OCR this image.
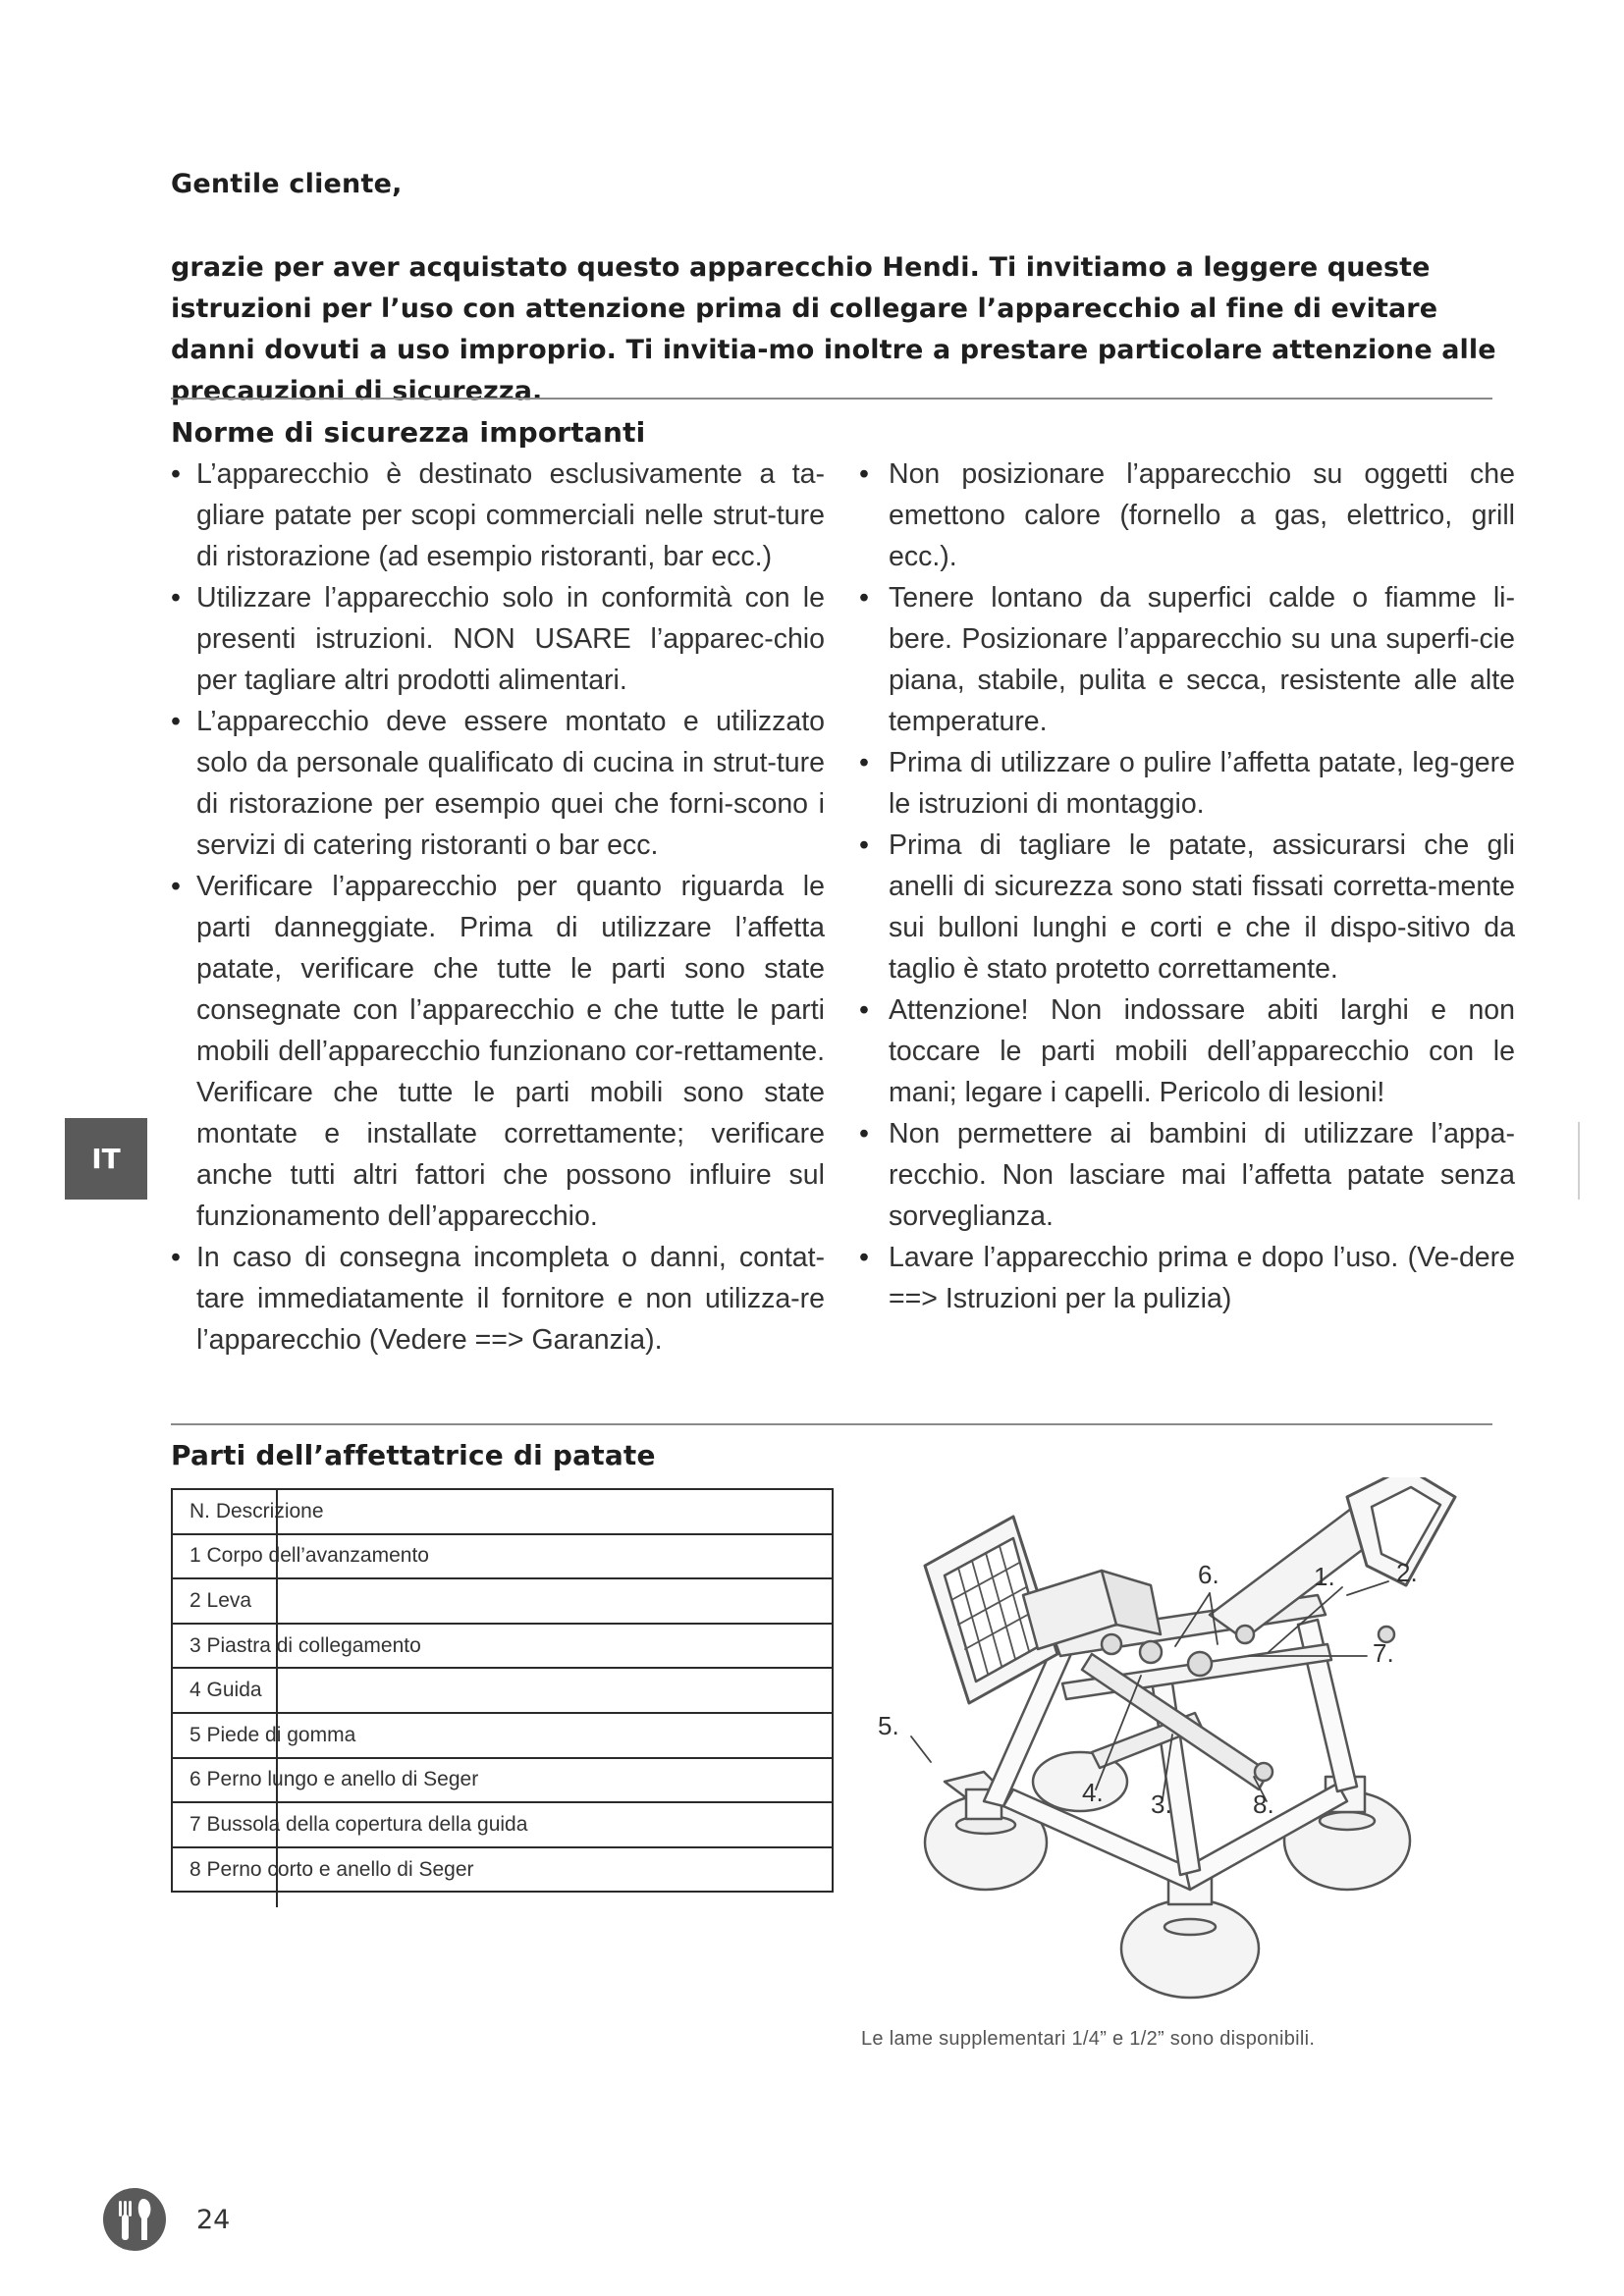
Gentile cliente,
grazie per aver acquistato questo apparecchio Hendi. Ti invitiamo a leggere queste istruzioni per l’uso con attenzione prima di collegare l’apparecchio al fine di evitare danni dovuti a uso improprio. Ti invitia-mo inoltre a prestare particolare attenzione alle precauzioni di sicurezza.
Norme di sicurezza importanti
• L’apparecchio è destinato esclusivamente a ta-gliare patate per scopi commerciali nelle strut-ture di ristorazione (ad esempio ristoranti, bar ecc.)
• Utilizzare l’apparecchio solo in conformità con le presenti istruzioni. NON USARE l’apparec-chio per tagliare altri prodotti alimentari.
• L’apparecchio deve essere montato e utilizzato solo da personale qualificato di cucina in strut-ture di ristorazione per esempio quei che forni-scono i servizi di catering ristoranti o bar ecc.
• Verificare l’apparecchio per quanto riguarda le parti danneggiate. Prima di utilizzare l’affetta patate, verificare che tutte le parti sono state consegnate con l’apparecchio e che tutte le parti mobili dell’apparecchio funzionano cor-rettamente. Verificare che tutte le parti mobili sono state montate e installate correttamente; verificare anche tutti altri fattori che possono influire sul funzionamento dell’apparecchio.
• In caso di consegna incompleta o danni, contat-tare immediatamente il fornitore e non utilizza-re l’apparecchio (Vedere ==> Garanzia).
• Non posizionare l’apparecchio su oggetti che emettono calore (fornello a gas, elettrico, grill ecc.).
• Tenere lontano da superfici calde o fiamme li-bere. Posizionare l’apparecchio su una superfi-cie piana, stabile, pulita e secca, resistente alle alte temperature.
• Prima di utilizzare o pulire l’affetta patate, leg-gere le istruzioni di montaggio.
• Prima di tagliare le patate, assicurarsi che gli anelli di sicurezza sono stati fissati corretta-mente sui bulloni lunghi e corti e che il dispo-sitivo da taglio è stato protetto correttamente.
• Attenzione! Non indossare abiti larghi e non toccare le parti mobili dell’apparecchio con le mani; legare i capelli. Pericolo di lesioni!
• Non permettere ai bambini di utilizzare l’appa-recchio. Non lasciare mai l’affetta patate senza sorveglianza.
• Lavare l’apparecchio prima e dopo l’uso. (Ve-dere ==> Istruzioni per la pulizia)
Parti dell’affettatrice di patate
N. Descrizione
1 Corpo dell’avanzamento
2 Leva
3 Piastra di collegamento
4 Guida
5 Piede di gomma
6 Perno lungo e anello di Seger
7 Bussola della copertura della guida
8 Perno corto e anello di Seger
1. 2.
3.
4.
5.
6.
7.
8.
Le lame supplementari 1/4” e 1/2” sono disponibili.
IT
24
